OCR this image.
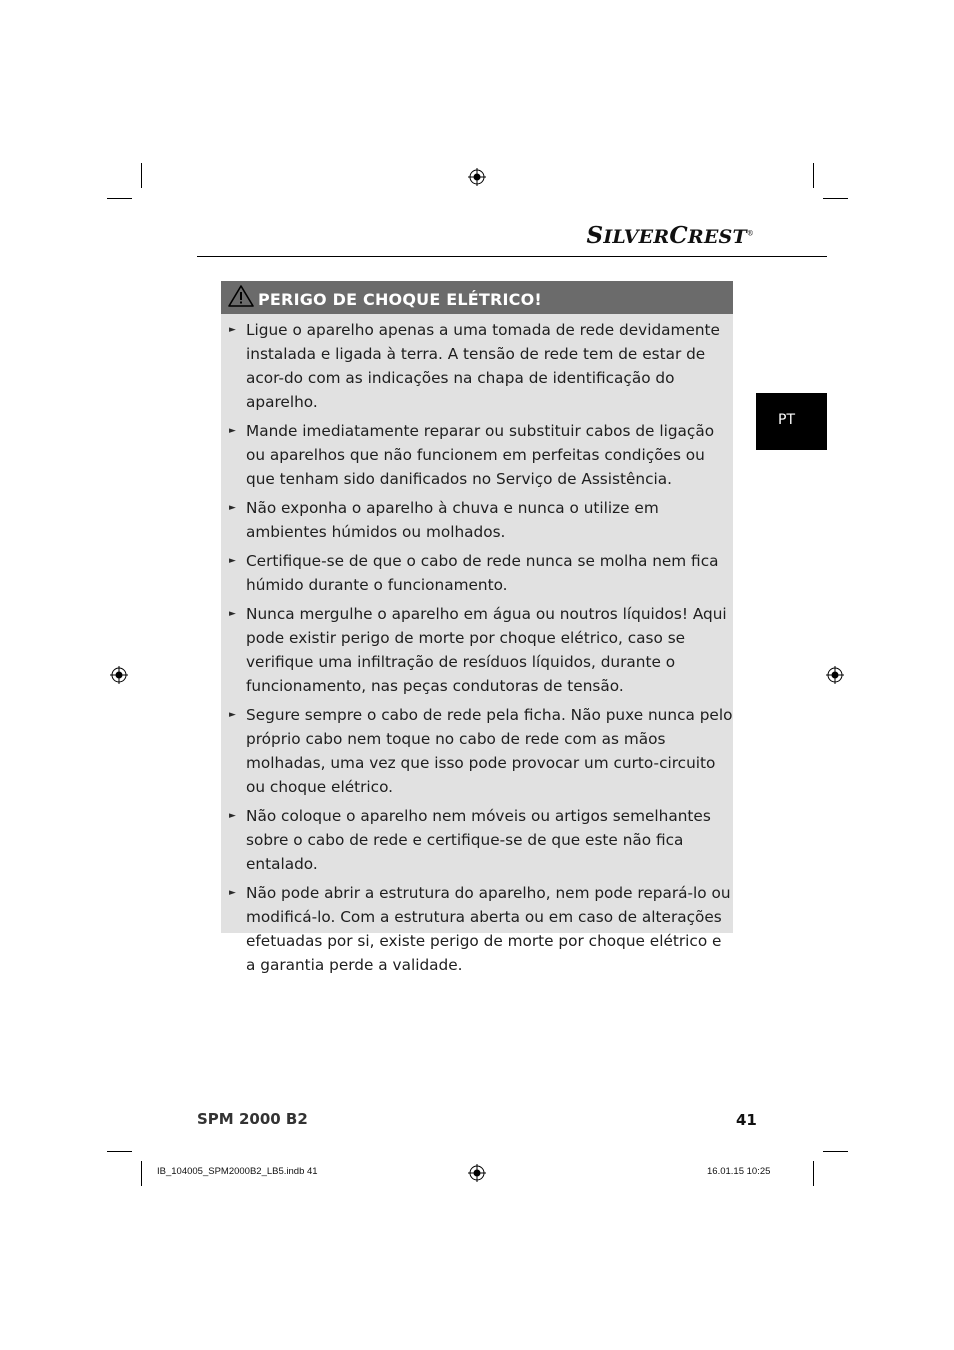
SILVERCREST®
PT
PERIGO DE CHOQUE ELÉTRICO!
► Ligue o aparelho apenas a uma tomada de rede devidamente instalada e ligada à terra. A tensão de rede tem de estar de acor-do com as indicações na chapa de identificação do aparelho.
► Mande imediatamente reparar ou substituir cabos de ligação ou aparelhos que não funcionem em perfeitas condições ou que tenham sido danificados no Serviço de Assistência.
► Não exponha o aparelho à chuva e nunca o utilize em ambientes húmidos ou molhados.
► Certifique-se de que o cabo de rede nunca se molha nem fica húmido durante o funcionamento.
► Nunca mergulhe o aparelho em água ou noutros líquidos! Aqui pode existir perigo de morte por choque elétrico, caso se verifique uma infiltração de resíduos líquidos, durante o funcionamento, nas peças condutoras de tensão.
► Segure sempre o cabo de rede pela ficha. Não puxe nunca pelo próprio cabo nem toque no cabo de rede com as mãos molhadas, uma vez que isso pode provocar um curto-circuito ou choque elétrico.
► Não coloque o aparelho nem móveis ou artigos semelhantes sobre o cabo de rede e certifique-se de que este não fica entalado.
► Não pode abrir a estrutura do aparelho, nem pode repará-lo ou modificá-lo. Com a estrutura aberta ou em caso de alterações efetuadas por si, existe perigo de morte por choque elétrico e a garantia perde a validade.
SPM 2000 B2	41
IB_104005_SPM2000B2_LB5.indb 41	16.01.15 10:25
